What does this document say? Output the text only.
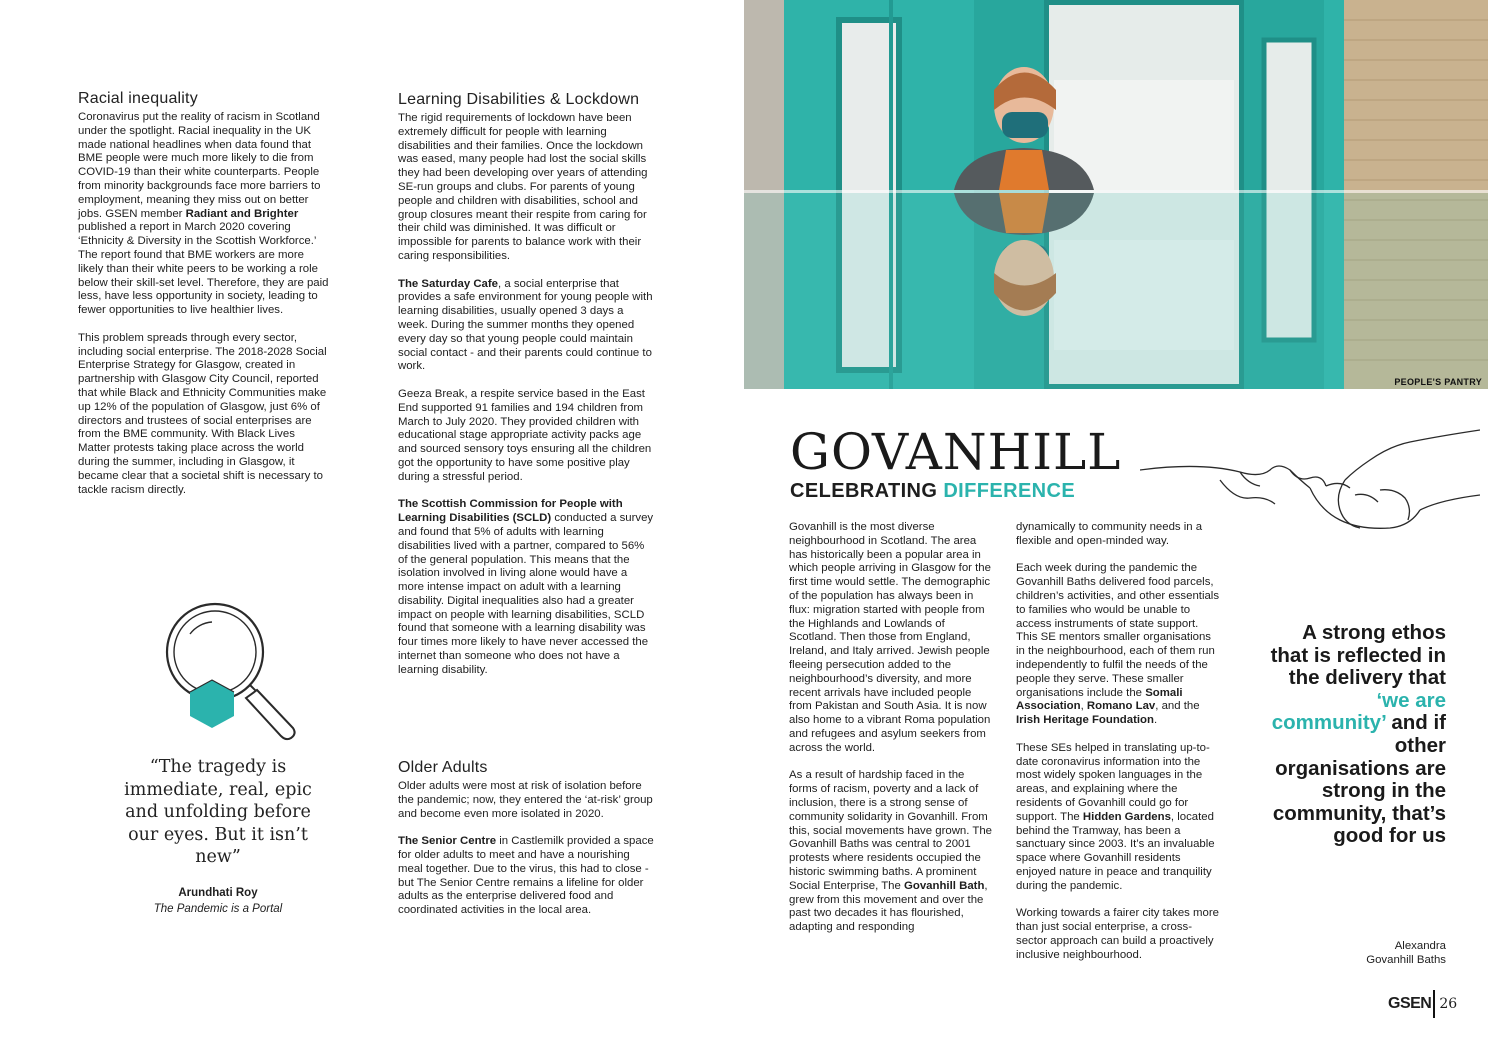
Racial inequality

Coronavirus put the reality of racism in Scotland under the spotlight. Racial inequality in the UK made national headlines when data found that BME people were much more likely to die from COVID-19 than their white counterparts. People from minority backgrounds face more barriers to employment, meaning they miss out on better jobs. GSEN member Radiant and Brighter published a report in March 2020 covering ‘Ethnicity & Diversity in the Scottish Workforce.’ The report found that BME workers are more likely than their white peers to be working a role below their skill-set level. Therefore, they are paid less, have less opportunity in society, leading to fewer opportunities to live healthier lives.

This problem spreads through every sector, including social enterprise. The 2018-2028 Social Enterprise Strategy for Glasgow, created in partnership with Glasgow City Council, reported that while Black and Ethnicity Communities make up 12% of the population of Glasgow, just 6% of directors and trustees of social enterprises are from the BME community. With Black Lives Matter protests taking place across the world during the summer, including in Glasgow, it became clear that a societal shift is necessary to tackle racism directly.

“The tragedy is immediate, real, epic and unfolding before our eyes. But it isn’t new”
Arundhati Roy
The Pandemic is a Portal
Learning Disabilities & Lockdown

The rigid requirements of lockdown have been extremely difficult for people with learning disabilities and their families. Once the lockdown was eased, many people had lost the social skills they had been developing over years of attending SE-run groups and clubs. For parents of young people and children with disabilities, school and group closures meant their respite from caring for their child was diminished. It was difficult or impossible for parents to balance work with their caring responsibilities.

The Saturday Cafe, a social enterprise that provides a safe environment for young people with learning disabilities, usually opened 3 days a week. During the summer months they opened every day so that young people could maintain social contact - and their parents could continue to work.

Geeza Break, a respite service based in the East End supported 91 families and 194 children from March to July 2020. They provided children with educational stage appropriate activity packs age and sourced sensory toys ensuring all the children got the opportunity to have some positive play during a stressful period.

The Scottish Commission for People with Learning Disabilities (SCLD) conducted a survey and found that 5% of adults with learning disabilities lived with a partner, compared to 56% of the general population. This means that the isolation involved in living alone would have a more intense impact on adult with a learning disability. Digital inequalities also had a greater impact on people with learning disabilities, SCLD found that someone with a learning disability was four times more likely to have never accessed the internet than someone who does not have a learning disability.

Older Adults

Older adults were most at risk of isolation before the pandemic; now, they entered the ‘at-risk’ group and become even more isolated in 2020.

The Senior Centre in Castlemilk provided a space for older adults to meet and have a nourishing meal together. Due to the virus, this had to close - but The Senior Centre remains a lifeline for older adults as the enterprise delivered food and coordinated activities in the local area.

PEOPLE'S PANTRY
GOVANHILL
CELEBRATING DIFFERENCE

Govanhill is the most diverse neighbourhood in Scotland. The area has historically been a popular area in which people arriving in Glasgow for the first time would settle. The demographic of the population has always been in flux: migration started with people from the Highlands and Lowlands of Scotland. Then those from England, Ireland, and Italy arrived. Jewish people fleeing persecution added to the neighbourhood’s diversity, and more recent arrivals have included people from Pakistan and South Asia. It is now also home to a vibrant Roma population and refugees and asylum seekers from across the world.

As a result of hardship faced in the forms of racism, poverty and a lack of inclusion, there is a strong sense of community solidarity in Govanhill. From this, social movements have grown. The Govanhill Baths was central to 2001 protests where residents occupied the historic swimming baths. A prominent Social Enterprise, The Govanhill Bath, grew from this movement and over the past two decades it has flourished, adapting and responding

dynamically to community needs in a flexible and open-minded way.

Each week during the pandemic the Govanhill Baths delivered food parcels, children’s activities, and other essentials to families who would be unable to access instruments of state support. This SE mentors smaller organisations in the neighbourhood, each of them run independently to fulfil the needs of the people they serve. These smaller organisations include the Somali Association, Romano Lav, and the Irish Heritage Foundation.

These SEs helped in translating up-to-date coronavirus information into the most widely spoken languages in the areas, and explaining where the residents of Govanhill could go for support. The Hidden Gardens, located behind the Tramway, has been a sanctuary since 2003. It’s an invaluable space where Govanhill residents enjoyed nature in peace and tranquility during the pandemic.

Working towards a fairer city takes more than just social enterprise, a cross-sector approach can build a proactively inclusive neighbourhood.

A strong ethos that is reflected in the delivery that ‘we are community’ and if other organisations are strong in the community, that’s good for us
Alexandra
Govanhill Baths
GSEN 26
